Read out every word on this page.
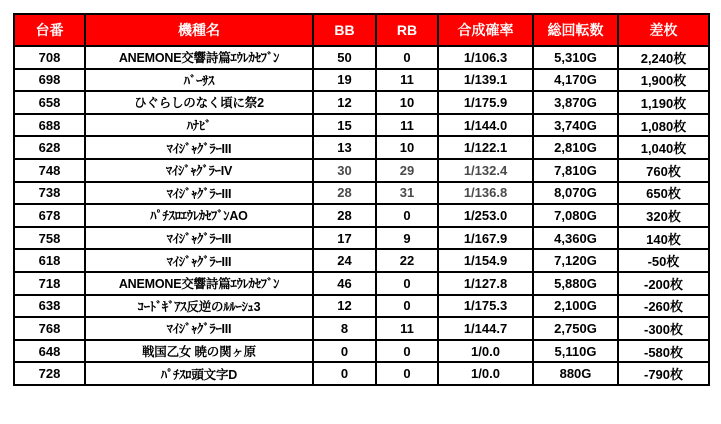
台番	機種名	BB	RB	合成確率	総回転数	差枚
708	ANEMONE交響詩篇ｴｳﾚｶｾﾌﾞﾝ	50	0	1/106.3	5,310G	2,240枚
698	ﾊﾞｰｻｽ	19	11	1/139.1	4,170G	1,900枚
658	ひぐらしのなく頃に祭2	12	10	1/175.9	3,870G	1,190枚
688	ﾊﾅﾋﾞ	15	11	1/144.0	3,740G	1,080枚
628	ﾏｲｼﾞｬｸﾞﾗｰIII	13	10	1/122.1	2,810G	1,040枚
748	ﾏｲｼﾞｬｸﾞﾗｰIV	30	29	1/132.4	7,810G	760枚
738	ﾏｲｼﾞｬｸﾞﾗｰIII	28	31	1/136.8	8,070G	650枚
678	ﾊﾟﾁｽﾛｴｳﾚｶｾﾌﾞﾝAO	28	0	1/253.0	7,080G	320枚
758	ﾏｲｼﾞｬｸﾞﾗｰIII	17	9	1/167.9	4,360G	140枚
618	ﾏｲｼﾞｬｸﾞﾗｰIII	24	22	1/154.9	7,120G	-50枚
718	ANEMONE交響詩篇ｴｳﾚｶｾﾌﾞﾝ	46	0	1/127.8	5,880G	-200枚
638	ｺｰﾄﾞｷﾞｱｽ反逆のﾙﾙｰｼｭ3	12	0	1/175.3	2,100G	-260枚
768	ﾏｲｼﾞｬｸﾞﾗｰIII	8	11	1/144.7	2,750G	-300枚
648	戦国乙女 暁の関ヶ原	0	0	1/0.0	5,110G	-580枚
728	ﾊﾟﾁｽﾛ頭文字D	0	0	1/0.0	880G	-790枚
